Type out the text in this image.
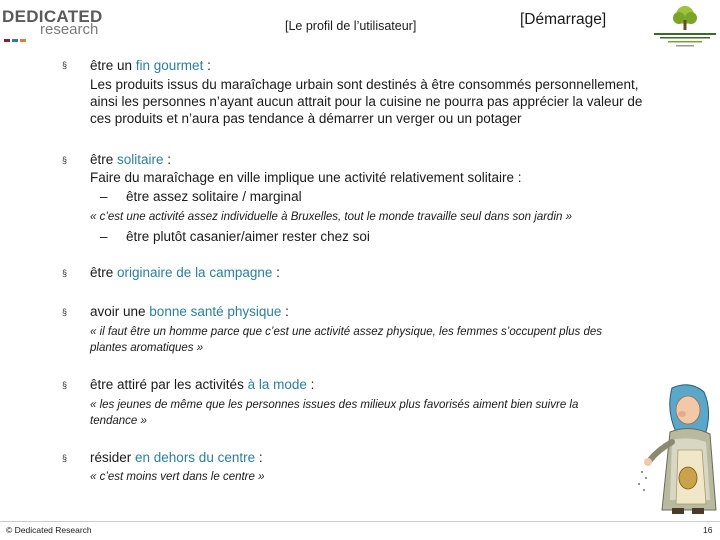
DEDICATED
research	[Le profil de l’utilisateur]	[Démarrage]
§ être un fin gourmet :
Les produits issus du maraîchage urbain sont destinés à être consommés personnellement,
ainsi les personnes n’ayant aucun attrait pour la cuisine ne pourra pas apprécier la valeur de
ces produits et n’aura pas tendance à démarrer un verger ou un potager
§ être solitaire :
Faire du maraîchage en ville implique une activité relativement solitaire :
– être assez solitaire / marginal
« c’est une activité assez individuelle à Bruxelles, tout le monde travaille seul dans son jardin »
– être plutôt casanier/aimer rester chez soi
§ être originaire de la campagne :
§ avoir une bonne santé physique :
« il faut être un homme parce que c’est une activité assez physique, les femmes s’occupent plus des
plantes aromatiques »
§ être attiré par les activités à la mode :
« les jeunes de même que les personnes issues des milieux plus favorisés aiment bien suivre la
tendance »
§ résider en dehors du centre :
« c’est moins vert dans le centre »
© Dedicated Research	16
